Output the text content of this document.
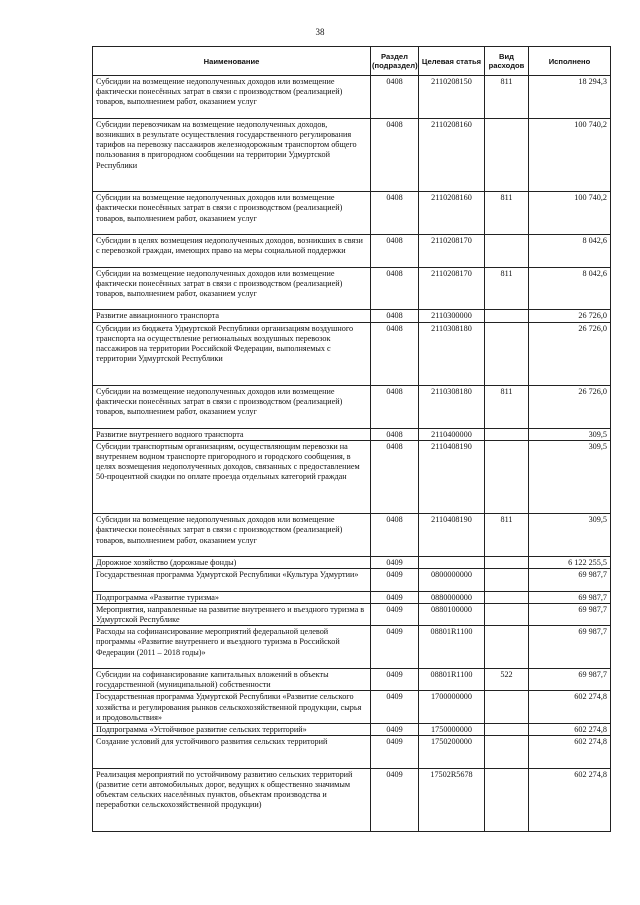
38
Наименование	Раздел (подраздел)	Целевая статья	Вид расходов	Исполнено
Субсидии на возмещение недополученных доходов или возмещение фактически понесённых затрат в связи с производством (реализацией) товаров, выполнением работ, оказанием услуг	0408	2110208150	811	18 294,3
Субсидии перевозчикам на возмещение недополученных доходов, возникших в результате осуществления государственного регулирования тарифов на перевозку пассажиров железнодорожным транспортом общего пользования в пригородном сообщении на территории Удмуртской Республики	0408	2110208160		100 740,2
Субсидии на возмещение недополученных доходов или возмещение фактически понесённых затрат в связи с производством (реализацией) товаров, выполнением работ, оказанием услуг	0408	2110208160	811	100 740,2
Субсидии в целях возмещения недополученных доходов, возникших в связи с перевозкой граждан, имеющих право на меры социальной поддержки	0408	2110208170		8 042,6
Субсидии на возмещение недополученных доходов или возмещение фактически понесённых затрат в связи с производством (реализацией) товаров, выполнением работ, оказанием услуг	0408	2110208170	811	8 042,6
Развитие авиационного транспорта	0408	2110300000		26 726,0
Субсидии из бюджета Удмуртской Республики организациям воздушного транспорта на осуществление региональных воздушных перевозок пассажиров на территории Российской Федерации, выполняемых с территории Удмуртской Республики	0408	2110308180		26 726,0
Субсидии на возмещение недополученных доходов или возмещение фактически понесённых затрат в связи с производством (реализацией) товаров, выполнением работ, оказанием услуг	0408	2110308180	811	26 726,0
Развитие внутреннего водного транспорта	0408	2110400000		309,5
Субсидии транспортным организациям, осуществляющим перевозки на внутреннем водном транспорте пригородного и городского сообщения, в целях возмещения недополученных доходов, связанных с предоставлением 50-процентной скидки по оплате проезда отдельных категорий граждан	0408	2110408190		309,5
Субсидии на возмещение недополученных доходов или возмещение фактически понесённых затрат в связи с производством (реализацией) товаров, выполнением работ, оказанием услуг	0408	2110408190	811	309,5
Дорожное хозяйство (дорожные фонды)	0409			6 122 255,5
Государственная программа Удмуртской Республики «Культура Удмуртии»	0409	0800000000		69 987,7
Подпрограмма «Развитие туризма»	0409	0880000000		69 987,7
Мероприятия, направленные на развитие внутреннего и въездного туризма в Удмуртской Республике	0409	0880100000		69 987,7
Расходы на софинансирование мероприятий федеральной целевой программы «Развитие внутреннего и въездного туризма в Российской Федерации (2011 – 2018 годы)»	0409	08801R1100		69 987,7
Субсидии на софинансирование капитальных вложений в объекты государственной (муниципальной) собственности	0409	08801R1100	522	69 987,7
Государственная программа Удмуртской Республики «Развитие сельского хозяйства и регулирования рынков сельскохозяйственной продукции, сырья и продовольствия»	0409	1700000000		602 274,8
Подпрограмма «Устойчивое развитие сельских территорий»	0409	1750000000		602 274,8
Создание условий для устойчивого развития сельских территорий	0409	1750200000		602 274,8
Реализация мероприятий по устойчивому развитию сельских территорий (развитие сети автомобильных дорог, ведущих к общественно значимым объектам сельских населённых пунктов, объектам производства и переработки сельскохозяйственной продукции)	0409	17502R5678		602 274,8
